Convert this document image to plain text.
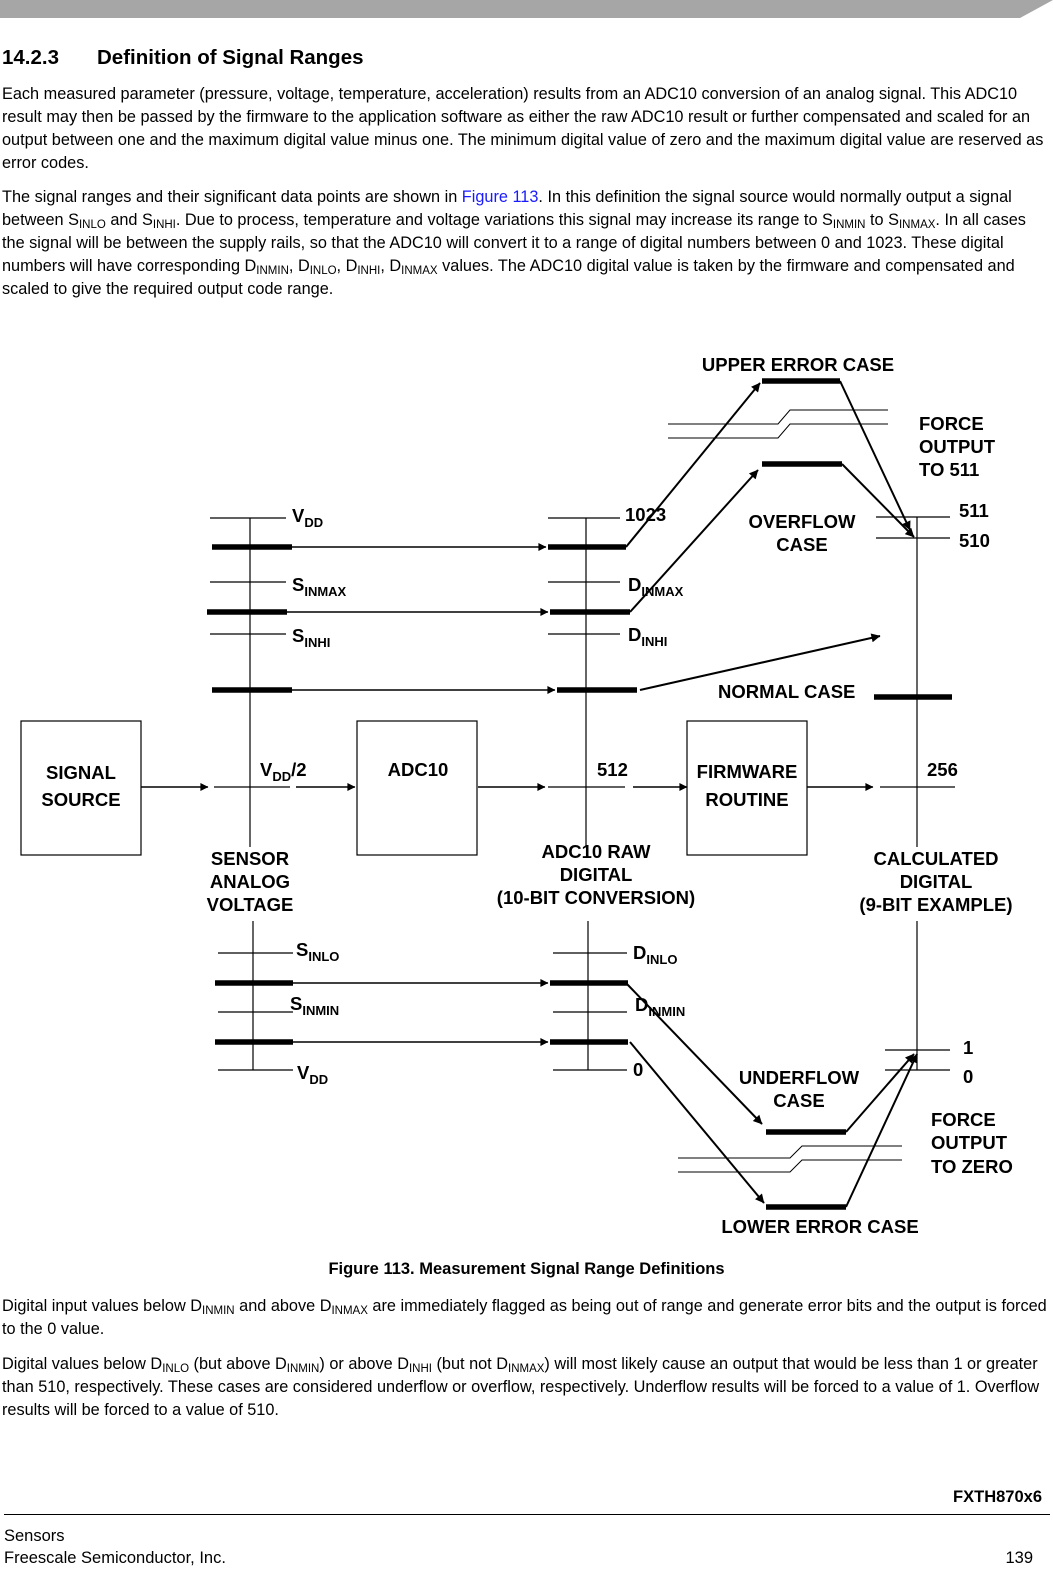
14.2.3 Definition of Signal Ranges

Each measured parameter (pressure, voltage, temperature, acceleration) results from an ADC10 conversion of an analog signal. This ADC10 result may then be passed by the firmware to the application software as either the raw ADC10 result or further compensated and scaled for an output between one and the maximum digital value minus one. The minimum digital value of zero and the maximum digital value are reserved as error codes.

The signal ranges and their significant data points are shown in Figure 113. In this definition the signal source would normally output a signal between $S_{INLO}$ and $S_{INHI}$. Due to process, temperature and voltage variations this signal may increase its range to $S_{INMIN}$ to $S_{INMAX}$. In all cases the signal will be between the supply rails, so that the ADC10 will convert it to a range of digital numbers between 0 and 1023. These digital numbers will have corresponding $D_{INMIN}$, $D_{INLO}$, $D_{INHI}$, $D_{INMAX}$ values. The ADC10 digital value is taken by the firmware and compensated and scaled to give the required output code range.

UPPER ERROR CASE
FORCE
OUTPUT
TO 511
OVERFLOW
CASE
511
510
NORMAL CASE
256
1023
512
0
1
0
$V_{DD}$
$S_{INMAX}$
$S_{INHI}$
$V_{DD}/2$
$S_{INLO}$
$S_{INMIN}$
$V_{DD}$
$D_{INMAX}$
$D_{INHI}$
$D_{INLO}$
$D_{INMIN}$
SIGNAL
SOURCE
ADC10	FIRMWARE
ROUTINE
SENSOR
ANALOG
VOLTAGE
ADC10 RAW
DIGITAL
(10-BIT CONVERSION)
CALCULATED
DIGITAL
(9-BIT EXAMPLE)
UNDERFLOW
CASE
FORCE
OUTPUT
TO ZERO
LOWER ERROR CASE
Figure 113. Measurement Signal Range Definitions

Digital input values below $D_{INMIN}$ and above $D_{INMAX}$ are immediately flagged as being out of range and generate error bits and the output is forced to the 0 value.

Digital values below $D_{INLO}$ (but above $D_{INMIN}$) or above $D_{INHI}$ (but not $D_{INMAX}$) will most likely cause an output that would be less than 1 or greater than 510, respectively. These cases are considered underflow or overflow, respectively. Underflow results will be forced to a value of 1. Overflow results will be forced to a value of 510.

FXTH870x6
Sensors
Freescale Semiconductor, Inc.	139
